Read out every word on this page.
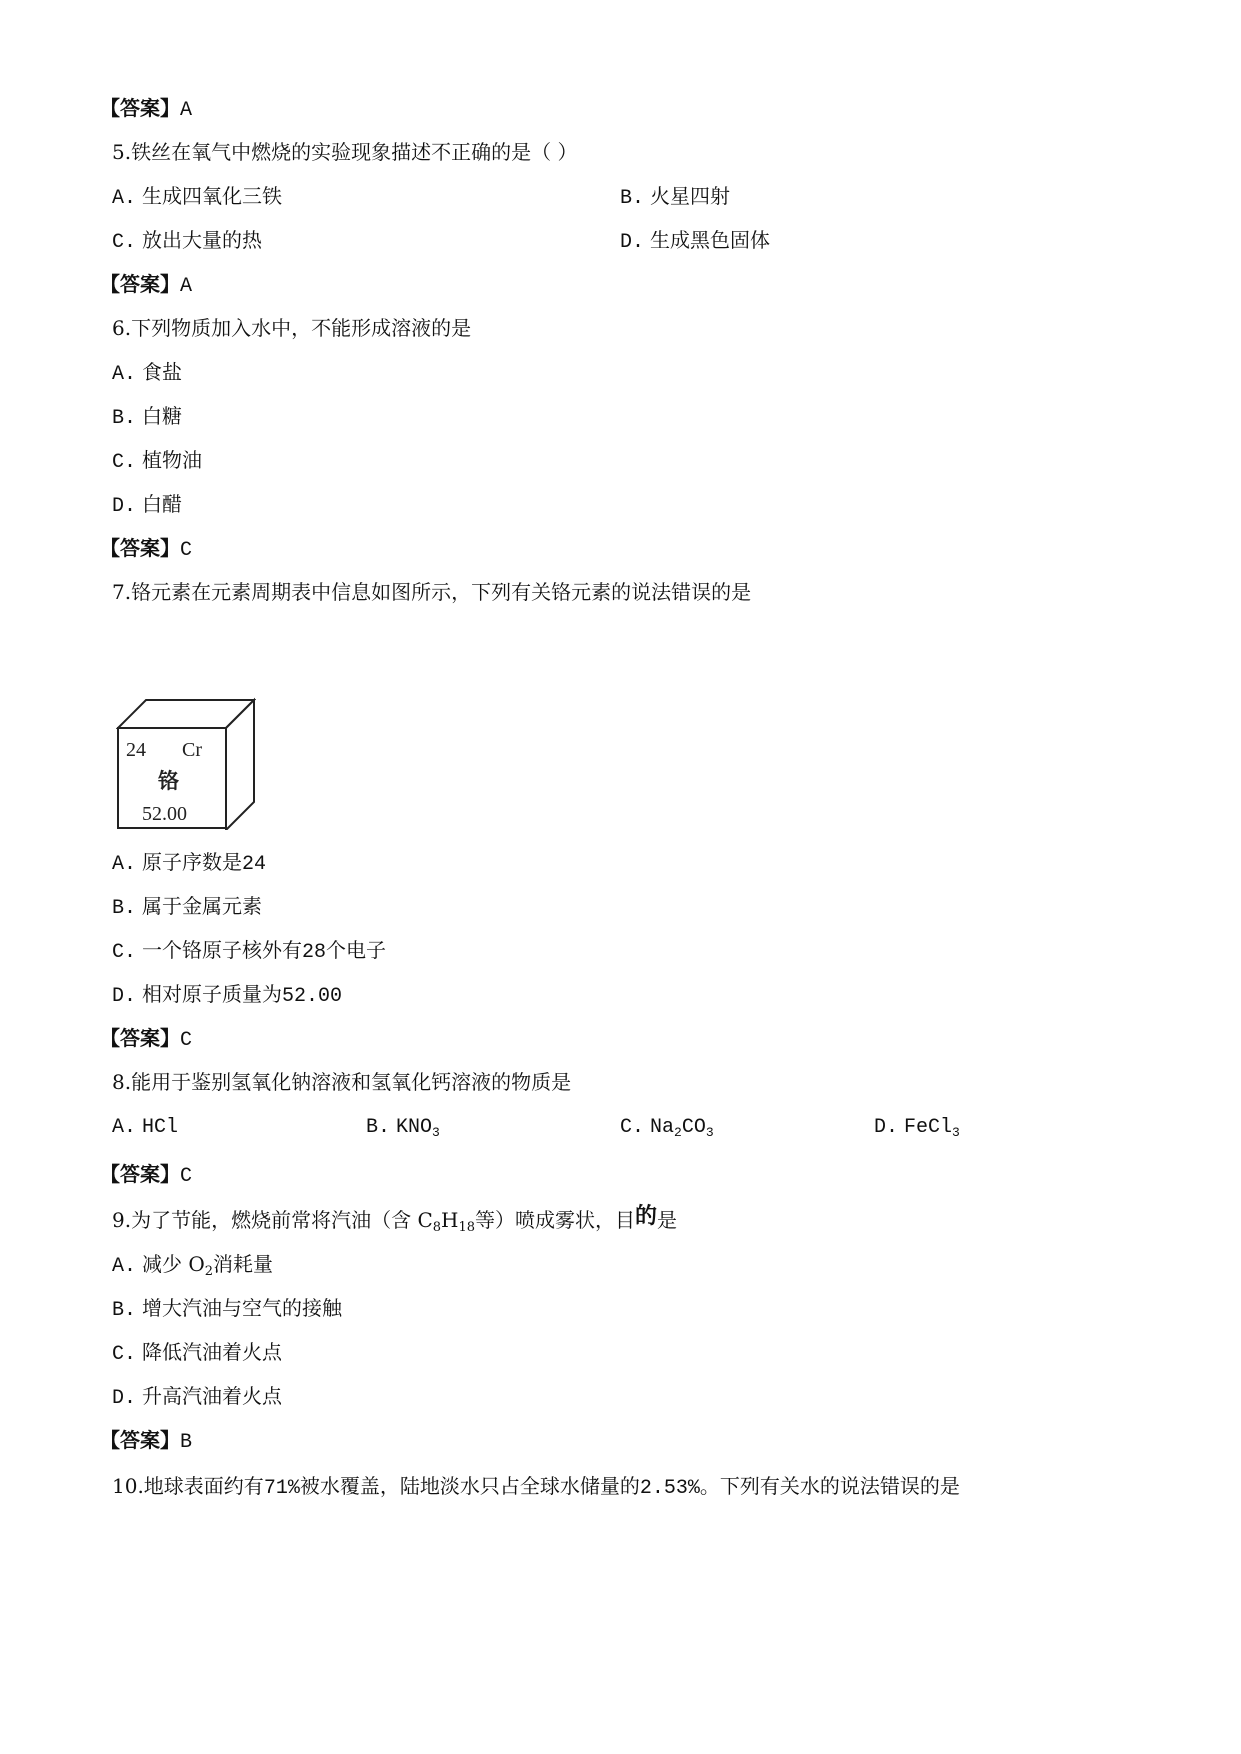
【答案】A
5.铁丝在氧气中燃烧的实验现象描述不正确的是（ ）
A. 生成四氧化三铁	B. 火星四射
C. 放出大量的热	D. 生成黑色固体
【答案】A
6.下列物质加入水中，不能形成溶液的是
A. 食盐
B. 白糖
C. 植物油
D. 白醋
【答案】C
7.铬元素在元素周期表中信息如图所示，下列有关铬元素的说法错误的是
24 Cr
铬
52.00
A. 原子序数是24
B. 属于金属元素
C. 一个铬原子核外有28个电子
D. 相对原子质量为52.00
【答案】C
8.能用于鉴别氢氧化钠溶液和氢氧化钙溶液的物质是
A. HCl	B. $KNO_3$	C. $Na_2CO_3$	D. FeCl$_3$
【答案】C
9.为了节能，燃烧前常将汽油（含 $C_8H_{18}$等）喷成雾状，目的是
A. 减少 $O_2$消耗量
B. 增大汽油与空气的接触
C. 降低汽油着火点
D. 升高汽油着火点
【答案】B
10.地球表面约有71%被水覆盖，陆地淡水只占全球水储量的2.53%。下列有关水的说法错误的是
